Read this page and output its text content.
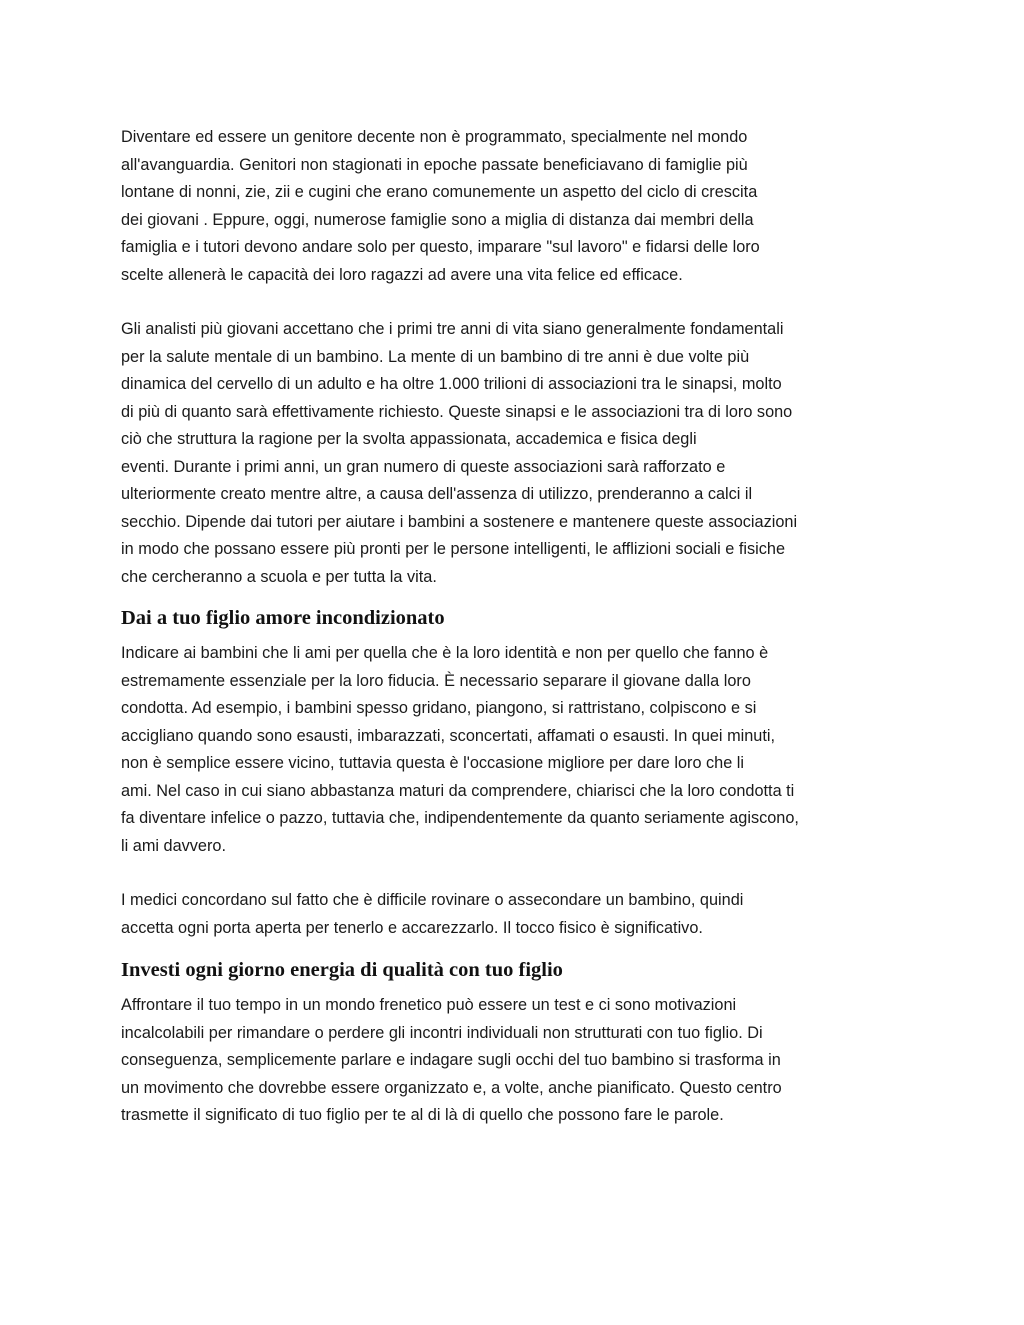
Diventare ed essere un genitore decente non è programmato, specialmente nel mondo
all'avanguardia. Genitori non stagionati in epoche passate beneficiavano di famiglie più
lontane di nonni, zie, zii e cugini che erano comunemente un aspetto del ciclo di crescita
dei giovani . Eppure, oggi, numerose famiglie sono a miglia di distanza dai membri della
famiglia e i tutori devono andare solo per questo, imparare "sul lavoro" e fidarsi delle loro
scelte allenerà le capacità dei loro ragazzi ad avere una vita felice ed efficace.

Gli analisti più giovani accettano che i primi tre anni di vita siano generalmente fondamentali
per la salute mentale di un bambino. La mente di un bambino di tre anni è due volte più
dinamica del cervello di un adulto e ha oltre 1.000 trilioni di associazioni tra le sinapsi, molto
di più di quanto sarà effettivamente richiesto. Queste sinapsi e le associazioni tra di loro sono
ciò che struttura la ragione per la svolta appassionata, accademica e fisica degli
eventi. Durante i primi anni, un gran numero di queste associazioni sarà rafforzato e
ulteriormente creato mentre altre, a causa dell'assenza di utilizzo, prenderanno a calci il
secchio. Dipende dai tutori per aiutare i bambini a sostenere e mantenere queste associazioni
in modo che possano essere più pronti per le persone intelligenti, le afflizioni sociali e fisiche
che cercheranno a scuola e per tutta la vita.

Dai a tuo figlio amore incondizionato

Indicare ai bambini che li ami per quella che è la loro identità e non per quello che fanno è
estremamente essenziale per la loro fiducia. È necessario separare il giovane dalla loro
condotta. Ad esempio, i bambini spesso gridano, piangono, si rattristano, colpiscono e si
accigliano quando sono esausti, imbarazzati, sconcertati, affamati o esausti. In quei minuti,
non è semplice essere vicino, tuttavia questa è l'occasione migliore per dare loro che li
ami. Nel caso in cui siano abbastanza maturi da comprendere, chiarisci che la loro condotta ti
fa diventare infelice o pazzo, tuttavia che, indipendentemente da quanto seriamente agiscono,
li ami davvero.

I medici concordano sul fatto che è difficile rovinare o assecondare un bambino, quindi
accetta ogni porta aperta per tenerlo e accarezzarlo. Il tocco fisico è significativo.

Investi ogni giorno energia di qualità con tuo figlio

Affrontare il tuo tempo in un mondo frenetico può essere un test e ci sono motivazioni
incalcolabili per rimandare o perdere gli incontri individuali non strutturati con tuo figlio. Di
conseguenza, semplicemente parlare e indagare sugli occhi del tuo bambino si trasforma in
un movimento che dovrebbe essere organizzato e, a volte, anche pianificato. Questo centro
trasmette il significato di tuo figlio per te al di là di quello che possono fare le parole.
